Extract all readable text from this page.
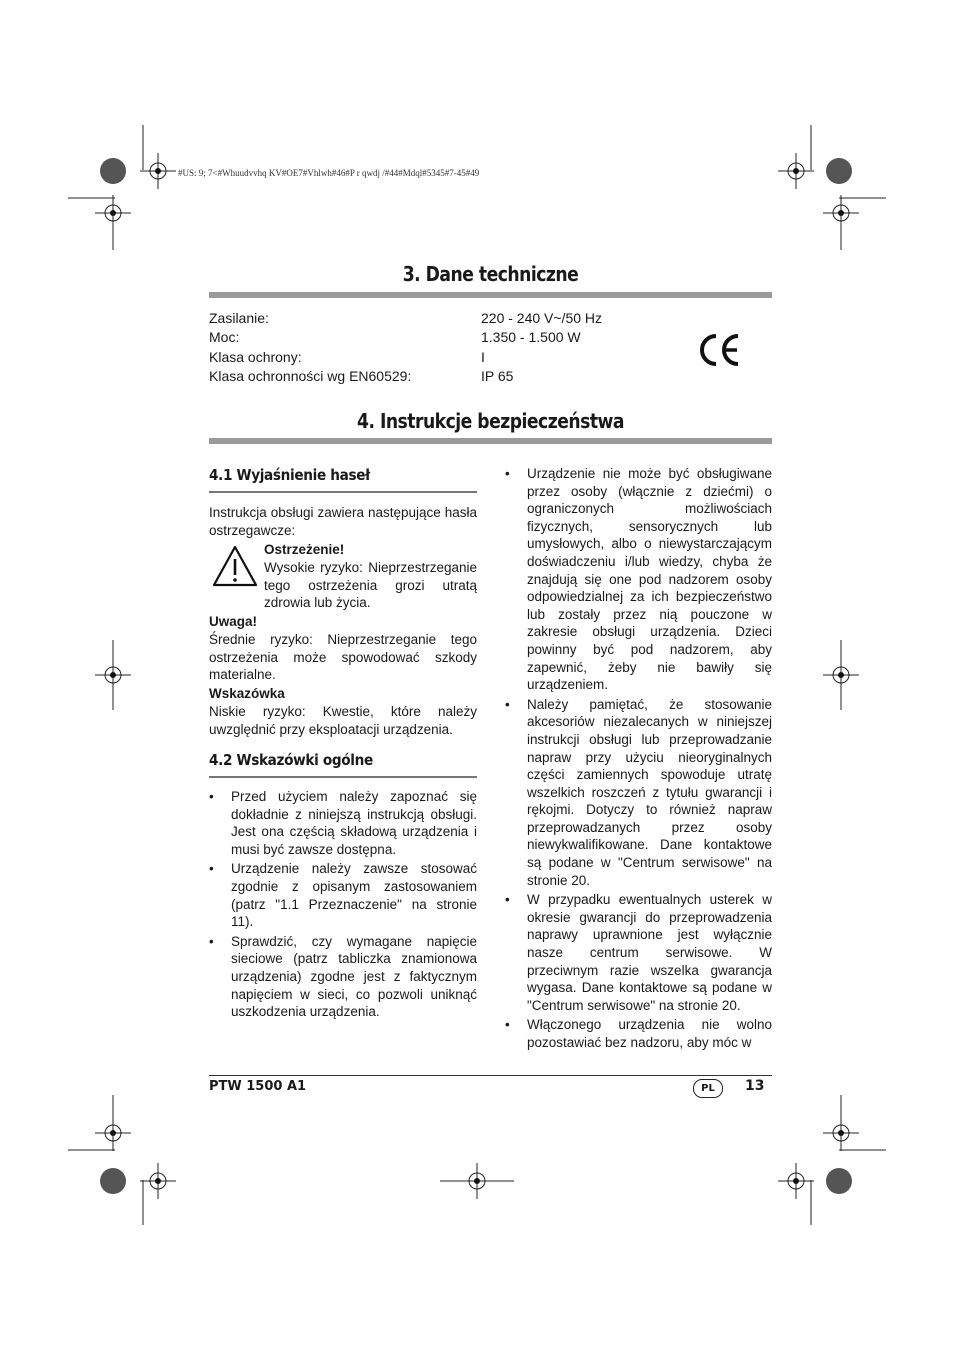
#US: 9; 7<#Whuudvvhq KV#OE7#Vhlwh#46#P r qwdj /#44#Mdql#5345#7-45#49
3. Dane techniczne
Zasilanie:	220 - 240 V~/50 Hz
Moc:	1.350 - 1.500 W
Klasa ochrony:	I
Klasa ochronności wg EN60529:	IP 65
4. Instrukcje bezpieczeństwa
4.1 Wyjaśnienie haseł
Instrukcja obsługi zawiera następujące hasła ostrzegawcze:
Ostrzeżenie!
Wysokie ryzyko: Nieprzestrzeganie tego ostrzeżenia grozi utratą zdrowia lub życia.
Uwaga!
Średnie ryzyko: Nieprzestrzeganie tego ostrzeżenia może spowodować szkody materialne.
Wskazówka
Niskie ryzyko: Kwestie, które należy uwzględnić przy eksploatacji urządzenia.
4.2 Wskazówki ogólne
• Przed użyciem należy zapoznać się dokładnie z niniejszą instrukcją obsługi. Jest ona częścią składową urządzenia i musi być zawsze dostępna.
• Urządzenie należy zawsze stosować zgodnie z opisanym zastosowaniem (patrz "1.1 Przeznaczenie" na stronie 11).
• Sprawdzić, czy wymagane napięcie sieciowe (patrz tabliczka znamionowa urządzenia) zgodne jest z faktycznym napięciem w sieci, co pozwoli uniknąć uszkodzenia urządzenia.
• Urządzenie nie może być obsługiwane przez osoby (włącznie z dziećmi) o ograniczonych możliwościach fizycznych, sensorycznych lub umysłowych, albo o niewystarczającym doświadczeniu i/lub wiedzy, chyba że znajdują się one pod nadzorem osoby odpowiedzialnej za ich bezpieczeństwo lub zostały przez nią pouczone w zakresie obsługi urządzenia. Dzieci powinny być pod nadzorem, aby zapewnić, żeby nie bawiły się urządzeniem.
• Należy pamiętać, że stosowanie akcesoriów niezalecanych w niniejszej instrukcji obsługi lub przeprowadzanie napraw przy użyciu nieoryginalnych części zamiennych spowoduje utratę wszelkich roszczeń z tytułu gwarancji i rękojmi. Dotyczy to również napraw przeprowadzanych przez osoby niewykwalifikowane. Dane kontaktowe są podane w "Centrum serwisowe" na stronie 20.
• W przypadku ewentualnych usterek w okresie gwarancji do przeprowadzenia naprawy uprawnione jest wyłącznie nasze centrum serwisowe. W przeciwnym razie wszelka gwarancja wygasa. Dane kontaktowe są podane w "Centrum serwisowe" na stronie 20.
• Włączonego urządzenia nie wolno pozostawiać bez nadzoru, aby móc w
PTW 1500 A1	PL	13
